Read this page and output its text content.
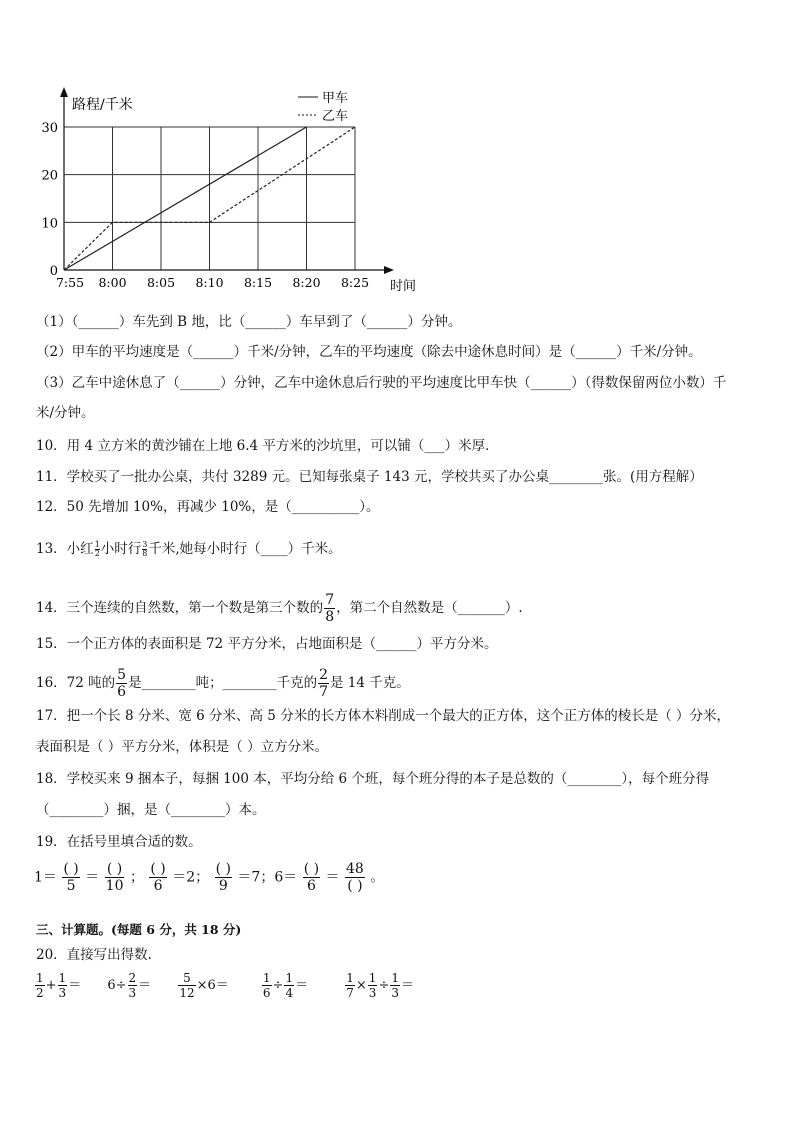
0
10
20
30
7:55 8:00 8:05 8:10 8:15 8:20 8:25
路程/千米
时间
甲车
乙车
（1）（______）车先到 B 地，比（______）车早到了（______）分钟。
（2）甲车的平均速度是（______）千米/分钟，乙车的平均速度（除去中途休息时间）是（______）千米/分钟。
（3）乙车中途休息了（______）分钟，乙车中途休息后行驶的平均速度比甲车快（______）（得数保留两位小数）千
米/分钟。
10．用 4 立方米的黄沙铺在上地 6.4 平方米的沙坑里，可以铺（___）米厚．
11．学校买了一批办公桌，共付 3289 元。已知每张桌子 143 元，学校共买了办公桌________张。(用方程解）
12．50 先增加 10%，再减少 10%，是（__________）。
13．小红 $\frac{1}{2}$ 小时行 $\frac{3}{8}$ 千米,她每小时行（____）千米。
14．三个连续的自然数，第一个数是第三个数的 $\frac{7}{8}$ ，第二个自然数是（_______）.
15．一个正方体的表面积是 72 平方分米，占地面积是（______）平方分米。
16．72 吨的 $\frac{5}{6}$ 是________吨；________千克的 $\frac{2}{7}$ 是 14 千克。
17．把一个长 8 分米、宽 6 分米、高 5 分米的长方体木料削成一个最大的正方体，这个正方体的棱长是（ ）分米，
表面积是（ ）平方分米，体积是（ ）立方分米。
18．学校买来 9 捆本子，每捆 100 本，平均分给 6 个班，每个班分得的本子是总数的（________），每个班分得
（________）捆，是（________）本。
19．在括号里填合适的数。
$1= \frac{( )}{5} = \frac{( )}{10}$ ； $\frac{( )}{6} =2$； $\frac{( )}{9} =7$；$6= \frac{( )}{6} = \frac{48}{( )}$ 。
三、计算题。(每题 6 分，共 18 分)
20．直接写出得数.
$\frac{1}{2} + \frac{1}{3} = 6\div \frac{2}{3} = \frac{5}{12} \times 6=$	$\frac{1}{6} \div \frac{1}{4}$ ＝	$\frac{1}{7} \times \frac{1}{3} \div \frac{1}{3}$ ＝
